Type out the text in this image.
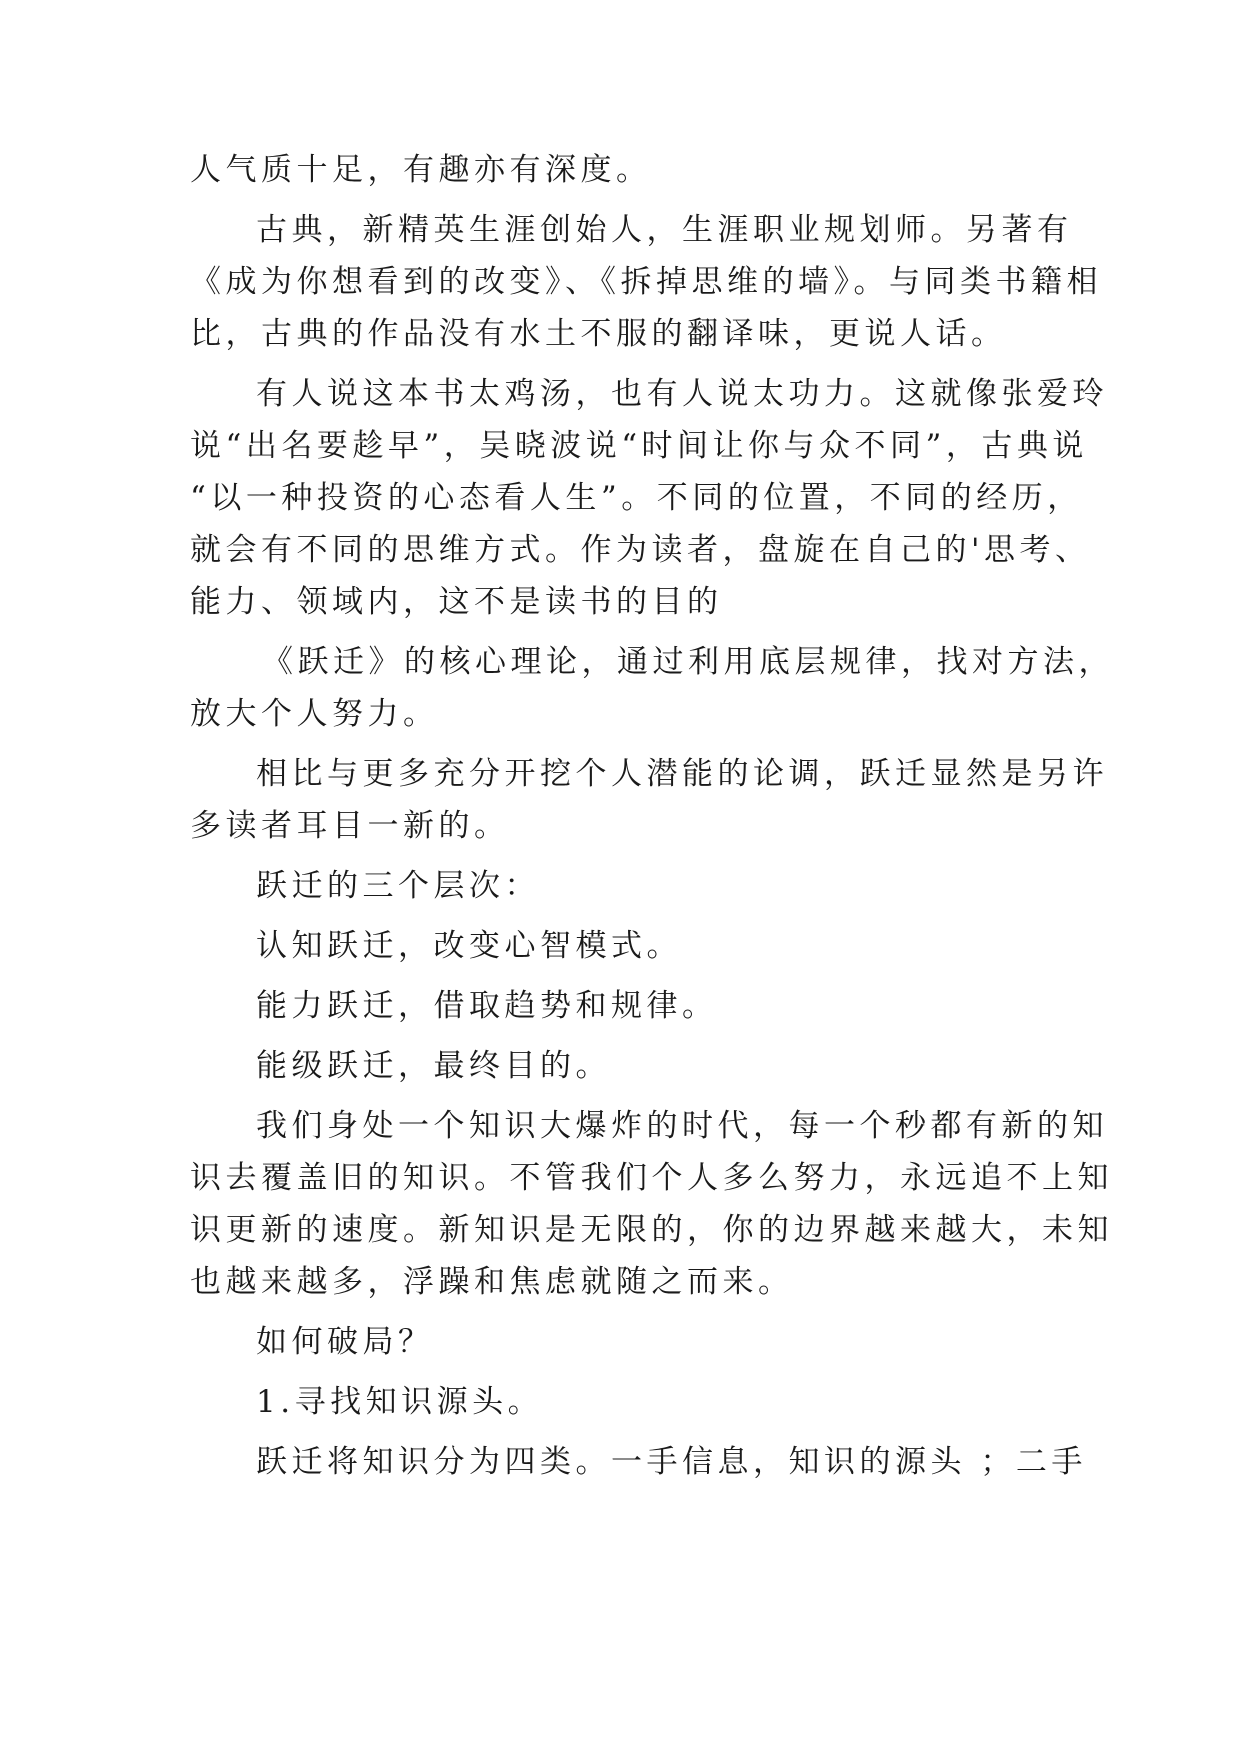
人气质十足，有趣亦有深度。
古典，新精英生涯创始人，生涯职业规划师。另著有
《成为你想看到的改变》、《拆掉思维的墙》。与同类书籍相
比，古典的作品没有水土不服的翻译味，更说人话。
有人说这本书太鸡汤，也有人说太功力。这就像张爱玲
说“出名要趁早”，吴晓波说“时间让你与众不同”，古典说
“以一种投资的心态看人生”。不同的位置，不同的经历，
就会有不同的思维方式。作为读者，盘旋在自己的'思考、
能力、领域内，这不是读书的目的
《跃迁》的核心理论，通过利用底层规律，找对方法，
放大个人努力。
相比与更多充分开挖个人潜能的论调，跃迁显然是另许
多读者耳目一新的。
跃迁的三个层次：
认知跃迁，改变心智模式。
能力跃迁，借取趋势和规律。
能级跃迁，最终目的。
我们身处一个知识大爆炸的时代，每一个秒都有新的知
识去覆盖旧的知识。不管我们个人多么努力，永远追不上知
识更新的速度。新知识是无限的，你的边界越来越大，未知
也越来越多，浮躁和焦虑就随之而来。
如何破局？
1.寻找知识源头。
跃迁将知识分为四类。一手信息，知识的源头 ；二手
